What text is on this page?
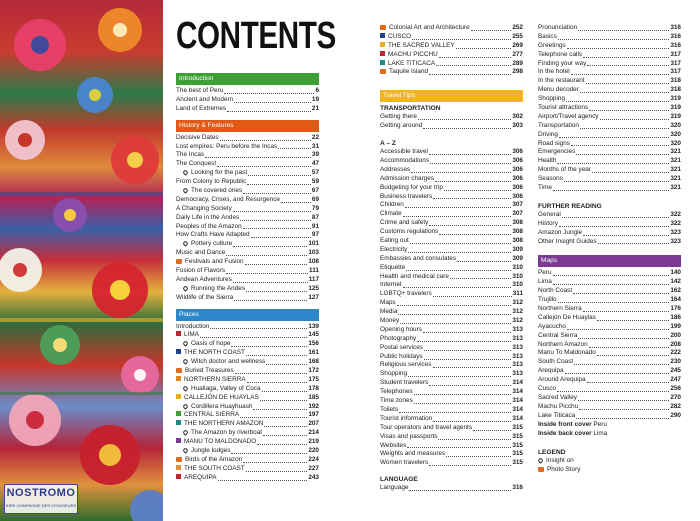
NOSTROMO
IHRE COMPAGNIE DES VOYAGEURS
CONTENTS
Introduction
The best of Peru	6
Ancient and Modern	19
Land of Extremes	21
History & Features
Decisive Dates	22
Lost empires: Peru before the Incas	31
The Incas	39
The Conquest	47
Looking for the past	57
From Colony to Republic	59
The covered ones	67
Democracy, Crises, and Resurgence	69
A Changing Society	79
Daily Life in the Andes	87
Peoples of the Amazon	91
How Crafts Have Adapted	97
Pottery culture	101
Music and Dance	103
Festivals and Fusion	108
Fusion of Flavors	111
Andean Adventures	117
Running the Andes	125
Wildlife of the Sierra	127
Places
Introduction	139
LIMA	145
Oasis of hope	156
THE NORTH COAST	161
Witch doctor and wellness	168
Buried Treasures	172
NORTHERN SIERRA	175
Huallaga, Valley of Coca	178
CALLEJÓN DE HUAYLAS	185
Cordillera Huayhuash	192
CENTRAL SIERRA	197
THE NORTHERN AMAZON	207
The Amazon by riverboat	214
MANU TO MALDONADO	219
Jungle lodges	220
Birds of the Amazon	224
THE SOUTH COAST	227
AREQUIPA	243
Colonial Art and Architecture	252
CUSCO	255
THE SACRED VALLEY	269
MACHU PICCHU	277
LAKE TITICACA	289
Taquile Island	298
Travel Tips
TRANSPORTATION
Getting there	302
Getting around	303
A – Z
Accessible travel	306
Accommodations	306
Addresses	306
Admission charges	306
Budgeting for your trip	306
Business travelers	306
Children	307
Climate	307
Crime and safety	308
Customs regulations	308
Eating out	308
Electricity	309
Embassies and consulates	309
Etiquette	310
Health and medical care	310
Internet	310
LGBTQ+ travelers	311
Maps	312
Media	312
Money	312
Opening hours	313
Photography	313
Postal services	313
Public holidays	313
Religious services	313
Shopping	313
Student travelers	314
Telephones	314
Time zones	314
Toilets	314
Tourist information	314
Tour operators and travel agents	315
Visas and passports	315
Websites	315
Weights and measures	315
Women travelers	315
LANGUAGE
Language	316
Pronunciation	316
Basics	316
Greetings	316
Telephone calls	317
Finding your way	317
In the hotel	317
In the restaurant	318
Menu decoder	318
Shopping	319
Tourist attractions	319
Airport/Travel agency	319
Transportation	320
Driving	320
Road signs	320
Emergencies	321
Health	321
Months of the year	321
Seasons	321
Time	321
FURTHER READING
General	322
History	322
Amazon Jungle	323
Other Insight Guides	323
Maps
Peru	140
Lima	142
North Coast	162
Trujillo	164
Northern Sierra	176
Callejón De Huaylas	186
Ayacucho	199
Central Sierra	200
Northern Amazon	208
Manu To Maldonado	222
South Coast	230
Arequipa	245
Around Arequipa	247
Cusco	256
Sacred Valley	270
Machu Picchu	282
Lake Titicaca	290
Inside front cover Peru
Inside back cover Lima
LEGEND
Insight on
Photo Story
